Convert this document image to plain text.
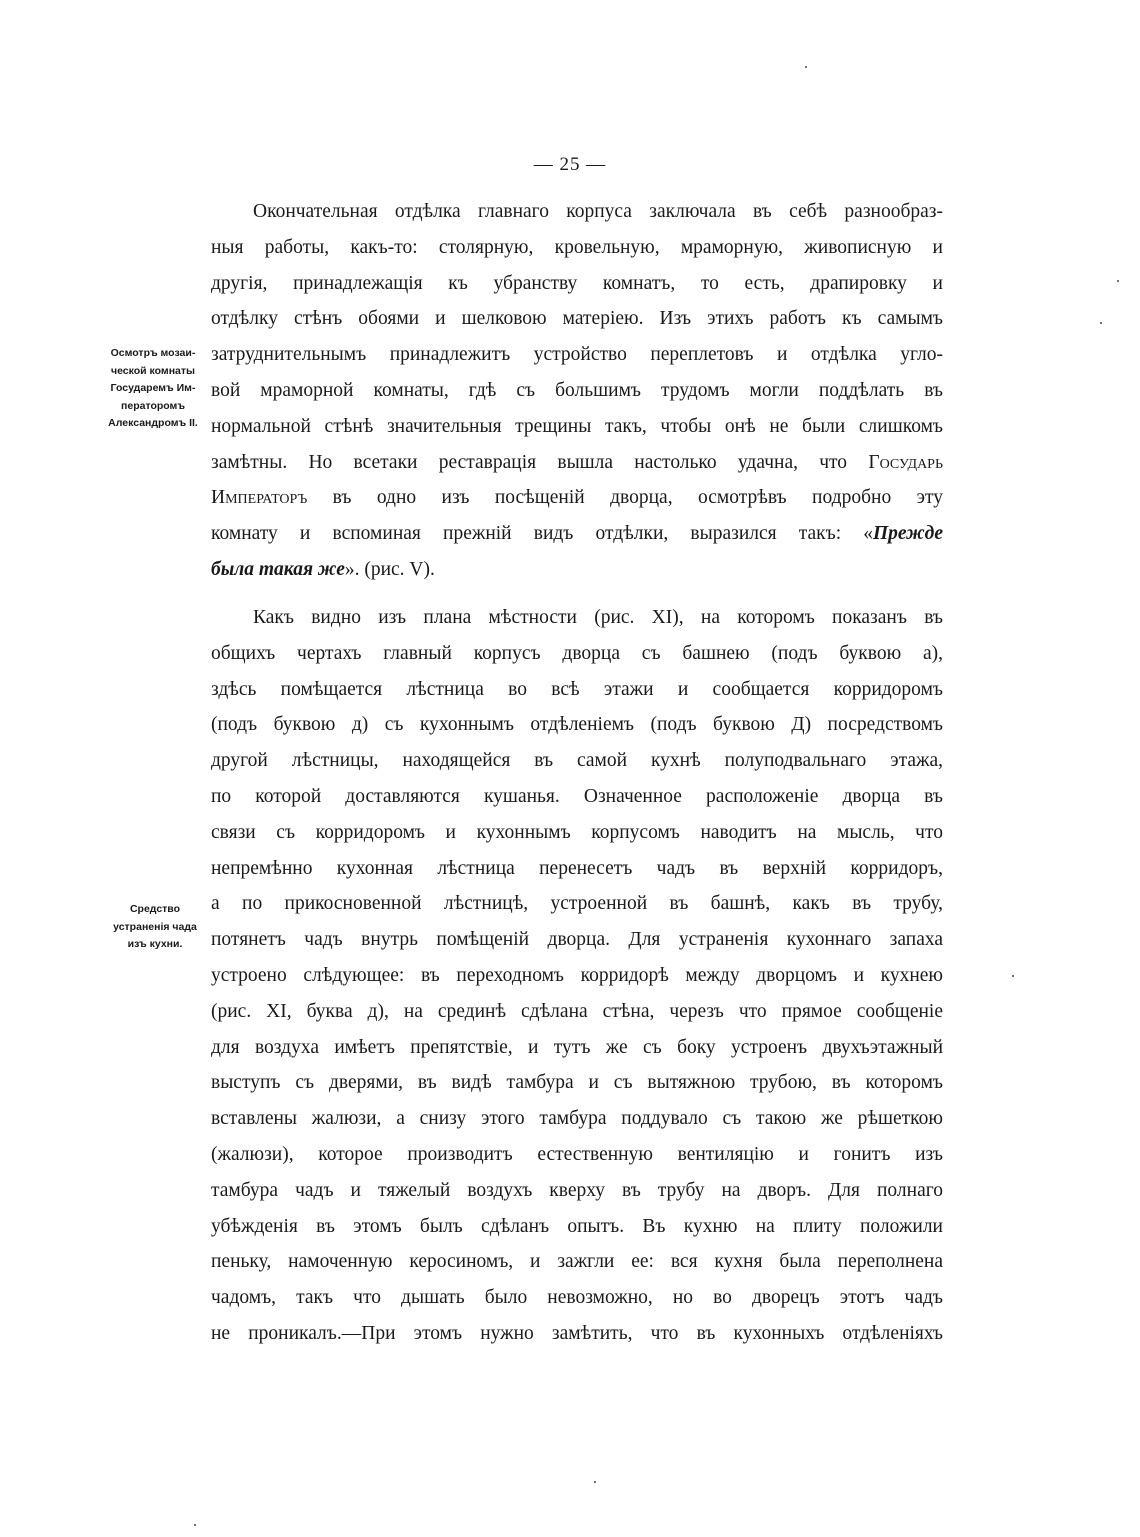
— 25 —
Осмотръ мозаи-
ческой комнаты
Государемъ Им-
ператоромъ
Александромъ II.
Средство
устраненія чада
изъ кухни.
Окончательная отдѣлка главнаго корпуса заключала въ себѣ разнообраз-
ныя работы, какъ-то: столярную, кровельную, мраморную, живописную и
другія, принадлежащія къ убранству комнатъ, то есть, драпировку и
отдѣлку стѣнъ обоями и шелковою матеріею. Изъ этихъ работъ къ самымъ
затруднительнымъ принадлежитъ устройство переплетовъ и отдѣлка угло-
вой мраморной комнаты, гдѣ съ большимъ трудомъ могли поддѣлать въ
нормальной стѣнѣ значительныя трещины такъ, чтобы онѣ не были слишкомъ
замѣтны. Но всетаки реставрація вышла настолько удачна, что Государь
Императоръ въ одно изъ посѣщеній дворца, осмотрѣвъ подробно эту
комнату и вспоминая прежній видъ отдѣлки, выразился такъ: «Прежде
была такая же». (рис. V).
Какъ видно изъ плана мѣстности (рис. XI), на которомъ показанъ въ
общихъ чертахъ главный корпусъ дворца съ башнею (подъ буквою а),
здѣсь помѣщается лѣстница во всѣ этажи и сообщается корридоромъ
(подъ буквою д) съ кухоннымъ отдѣленіемъ (подъ буквою Д) посредствомъ
другой лѣстницы, находящейся въ самой кухнѣ полуподвальнаго этажа,
по которой доставляются кушанья. Означенное расположеніе дворца въ
связи съ корридоромъ и кухоннымъ корпусомъ наводитъ на мысль, что
непремѣнно кухонная лѣстница перенесетъ чадъ въ верхній корридоръ,
а по прикосновенной лѣстницѣ, устроенной въ башнѣ, какъ въ трубу,
потянетъ чадъ внутрь помѣщеній дворца. Для устраненія кухоннаго запаха
устроено слѣдующее: въ переходномъ корридорѣ между дворцомъ и кухнею
(рис. XI, буква д), на срединѣ сдѣлана стѣна, черезъ что прямое сообщеніе
для воздуха имѣетъ препятствіе, и тутъ же съ боку устроенъ двухъэтажный
выступъ съ дверями, въ видѣ тамбура и съ вытяжною трубою, въ которомъ
вставлены жалюзи, а снизу этого тамбура поддувало съ такою же рѣшеткою
(жалюзи), которое производитъ естественную вентиляцію и гонитъ изъ
тамбура чадъ и тяжелый воздухъ кверху въ трубу на дворъ. Для полнаго
убѣжденія въ этомъ былъ сдѣланъ опытъ. Въ кухню на плиту положили
пеньку, намоченную керосиномъ, и зажгли ее: вся кухня была переполнена
чадомъ, такъ что дышать было невозможно, но во дворецъ этотъ чадъ
не проникалъ.—При этомъ нужно замѣтить, что въ кухонныхъ отдѣленіяхъ
